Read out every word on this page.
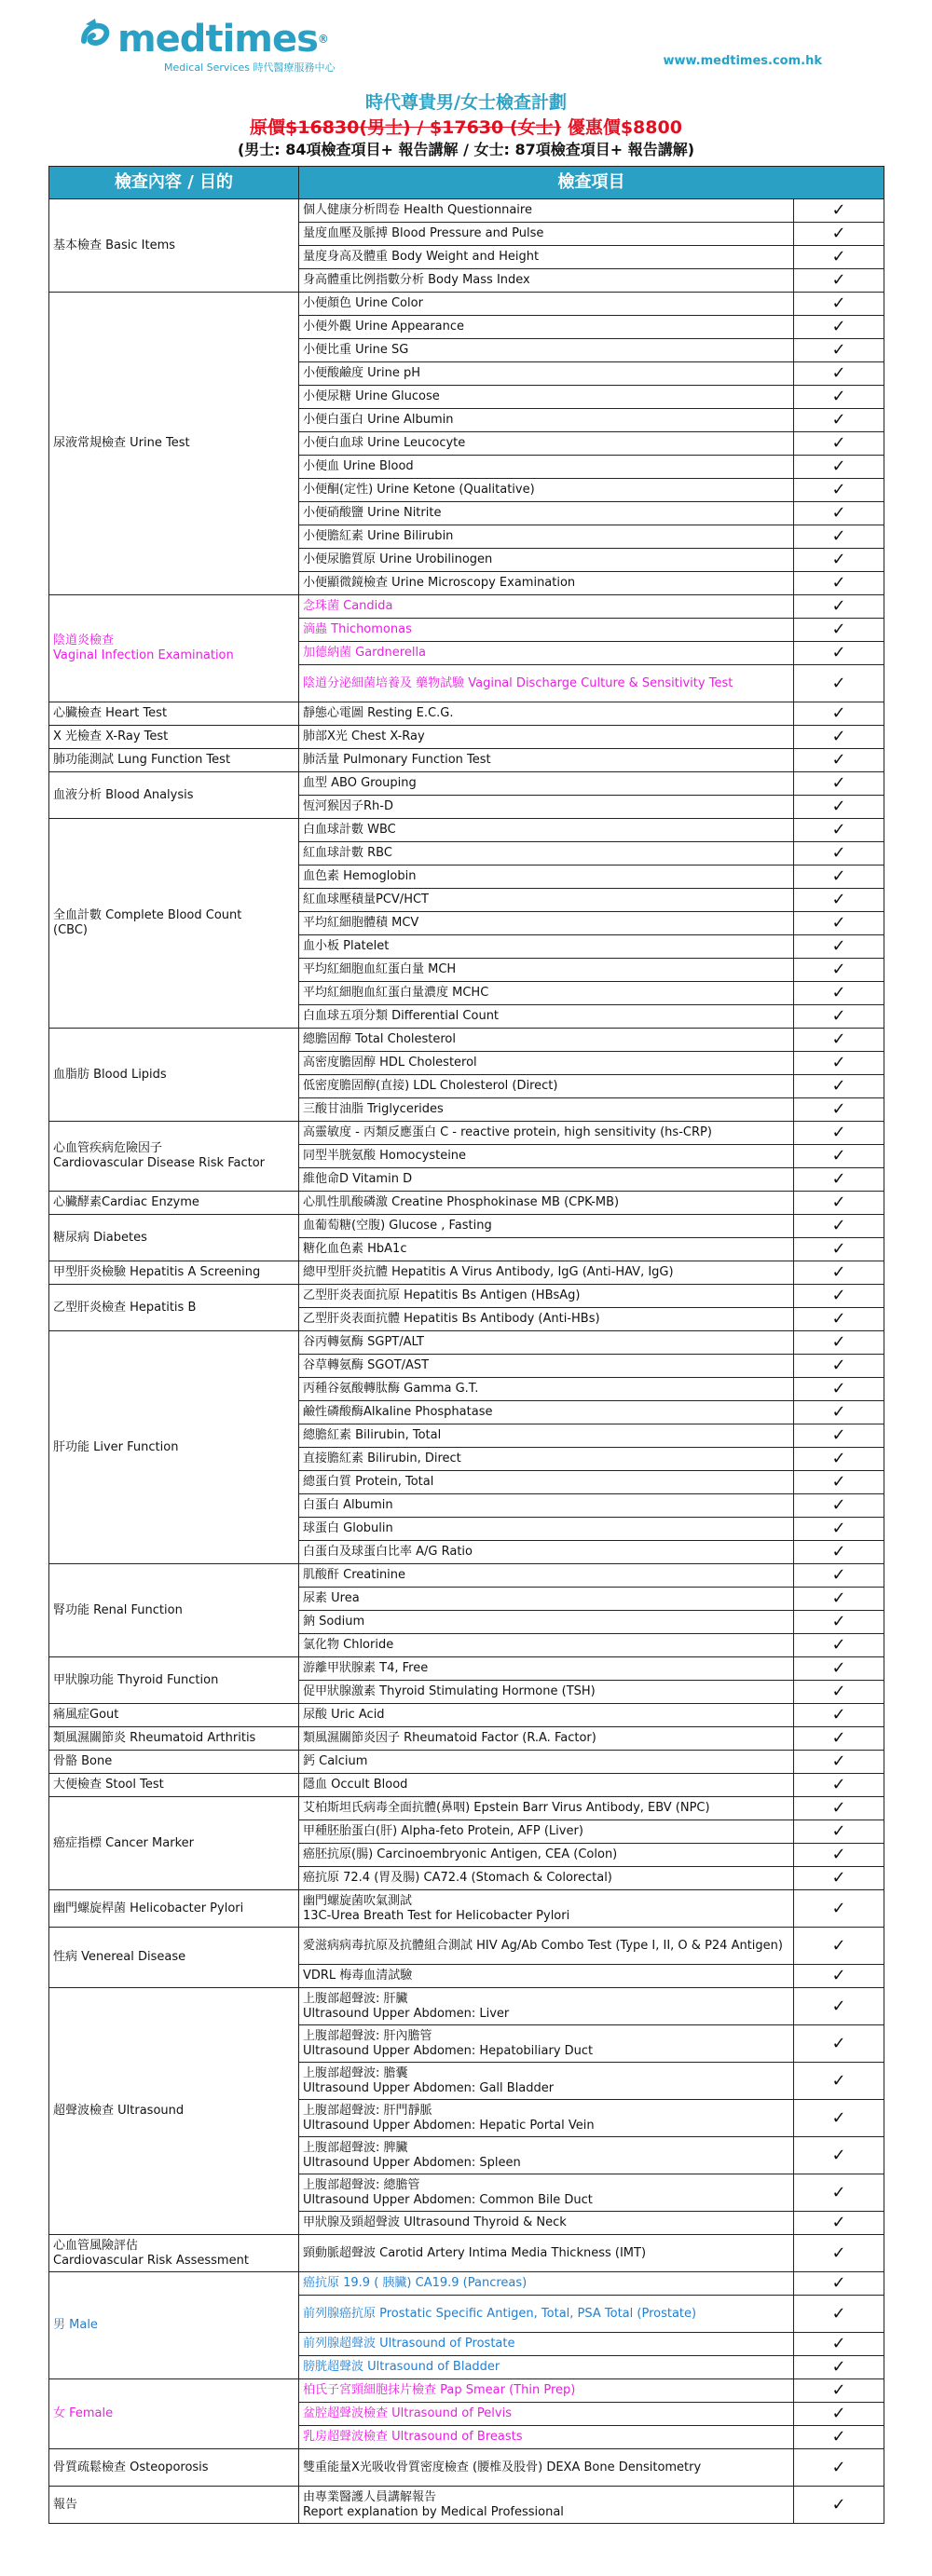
medtimes®
Medical Services 時代醫療服務中心	www.medtimes.com.hk
時代尊貴男/女士檢查計劃
原價$16830(男士) / $17630 (女士) 優惠價$8800
(男士: 84項檢查項目+ 報告講解 / 女士: 87項檢查項目+ 報告講解)
檢查內容 / 目的	檢查項目	
基本檢查 Basic Items	個人健康分析問卷 Health Questionnaire	✓
	量度血壓及脈搏 Blood Pressure and Pulse	✓
	量度身高及體重 Body Weight and Height	✓
	身高體重比例指數分析 Body Mass Index	✓
尿液常規檢查 Urine Test	小便顏色 Urine Color	✓
	小便外觀 Urine Appearance	✓
	小便比重 Urine SG	✓
	小便酸鹼度 Urine pH	✓
	小便尿糖 Urine Glucose	✓
	小便白蛋白 Urine Albumin	✓
	小便白血球 Urine Leucocyte	✓
	小便血 Urine Blood	✓
	小便酮(定性) Urine Ketone (Qualitative)	✓
	小便硝酸鹽 Urine Nitrite	✓
	小便膽紅素 Urine Bilirubin	✓
	小便尿膽質原 Urine Urobilinogen	✓
	小便顯微鏡檢查 Urine Microscopy Examination	✓
陰道炎檢查
Vaginal Infection Examination	念珠菌 Candida	✓
	滴蟲 Thichomonas	✓
	加德納菌 Gardnerella	✓
	陰道分泌細菌培養及 藥物試驗 Vaginal Discharge Culture & Sensitivity Test	✓
心臟檢查 Heart Test	靜態心電圖 Resting E.C.G.	✓
X 光檢查 X-Ray Test	肺部X光 Chest X-Ray	✓
肺功能測試 Lung Function Test	肺活量 Pulmonary Function Test	✓
血液分析 Blood Analysis	血型 ABO Grouping	✓
	恆河猴因子Rh-D	✓
全血計數 Complete Blood Count
(CBC)	白血球計數 WBC	✓
	紅血球計數 RBC	✓
	血色素 Hemoglobin	✓
	紅血球壓積量PCV/HCT	✓
	平均紅細胞體積 MCV	✓
	血小板 Platelet	✓
	平均紅細胞血紅蛋白量 MCH	✓
	平均紅細胞血紅蛋白量濃度 MCHC	✓
	白血球五項分類 Differential Count	✓
血脂肪 Blood Lipids	總膽固醇 Total Cholesterol	✓
	高密度膽固醇 HDL Cholesterol	✓
	低密度膽固醇(直接) LDL Cholesterol (Direct)	✓
	三酸甘油脂 Triglycerides	✓
心血管疾病危險因子
Cardiovascular Disease Risk Factor	高靈敏度 - 丙類反應蛋白 C - reactive protein, high sensitivity (hs-CRP)	✓
	同型半胱氨酸 Homocysteine	✓
	維他命D Vitamin D	✓
心臟酵素Cardiac Enzyme	心肌性肌酸磷激 Creatine Phosphokinase MB (CPK-MB)	✓
糖尿病 Diabetes	血葡萄糖(空腹) Glucose , Fasting	✓
	糖化血色素 HbA1c	✓
甲型肝炎檢驗 Hepatitis A Screening	總甲型肝炎抗體 Hepatitis A Virus Antibody, IgG (Anti-HAV, IgG)	✓
乙型肝炎檢查 Hepatitis B	乙型肝炎表面抗原 Hepatitis Bs Antigen (HBsAg)	✓
	乙型肝炎表面抗體 Hepatitis Bs Antibody (Anti-HBs)	✓
肝功能 Liver Function	谷丙轉氨酶 SGPT/ALT	✓
	谷草轉氨酶 SGOT/AST	✓
	丙種谷氨酸轉肽酶 Gamma G.T.	✓
	鹼性磷酸酶Alkaline Phosphatase	✓
	總膽紅素 Bilirubin, Total	✓
	直接膽紅素 Bilirubin, Direct	✓
	總蛋白質 Protein, Total	✓
	白蛋白 Albumin	✓
	球蛋白 Globulin	✓
	白蛋白及球蛋白比率 A/G Ratio	✓
腎功能 Renal Function	肌酸酐 Creatinine	✓
	尿素 Urea	✓
	鈉 Sodium	✓
	氯化物 Chloride	✓
甲狀腺功能 Thyroid Function	游離甲狀腺素 T4, Free	✓
	促甲狀腺激素 Thyroid Stimulating Hormone (TSH)	✓
痛風症Gout	尿酸 Uric Acid	✓
類風濕關節炎 Rheumatoid Arthritis	類風濕關節炎因子 Rheumatoid Factor (R.A. Factor)	✓
骨骼 Bone	鈣 Calcium	✓
大便檢查 Stool Test	隱血 Occult Blood	✓
癌症指標 Cancer Marker	艾柏斯坦氏病毒全面抗體(鼻咽) Epstein Barr Virus Antibody, EBV (NPC)	✓
	甲種胚胎蛋白(肝) Alpha-feto Protein, AFP (Liver)	✓
	癌胚抗原(腸) Carcinoembryonic Antigen, CEA (Colon)	✓
	癌抗原 72.4 (胃及腸) CA72.4 (Stomach & Colorectal)	✓
幽門螺旋桿菌 Helicobacter Pylori	幽門螺旋菌吹氣測試
13C-Urea Breath Test for Helicobacter Pylori	✓
性病 Venereal Disease	愛滋病病毒抗原及抗體組合測試 HIV Ag/Ab Combo Test (Type I, II, O & P24 Antigen)	✓
	VDRL 梅毒血清試驗	✓
超聲波檢查 Ultrasound	上腹部超聲波: 肝臟
Ultrasound Upper Abdomen: Liver	✓
	上腹部超聲波: 肝內膽管
Ultrasound Upper Abdomen: Hepatobiliary Duct	✓
	上腹部超聲波: 膽囊
Ultrasound Upper Abdomen: Gall Bladder	✓
	上腹部超聲波: 肝門靜脈
Ultrasound Upper Abdomen: Hepatic Portal Vein	✓
	上腹部超聲波: 脾臟
Ultrasound Upper Abdomen: Spleen	✓
	上腹部超聲波: 總膽管
Ultrasound Upper Abdomen: Common Bile Duct	✓
	甲狀腺及頸超聲波 Ultrasound Thyroid & Neck	✓
心血管風險評估
Cardiovascular Risk Assessment	頸動脈超聲波 Carotid Artery Intima Media Thickness (IMT)	✓
男 Male	癌抗原 19.9 ( 胰臟) CA19.9 (Pancreas)	✓
	前列腺癌抗原 Prostatic Specific Antigen, Total, PSA Total (Prostate)	✓
	前列腺超聲波 Ultrasound of Prostate	✓
	膀胱超聲波 Ultrasound of Bladder	✓
女 Female	柏氏子宮頸細胞抹片檢查 Pap Smear (Thin Prep)	✓
	盆腔超聲波檢查 Ultrasound of Pelvis	✓
	乳房超聲波檢查 Ultrasound of Breasts	✓
骨質疏鬆檢查 Osteoporosis	雙重能量X光吸收骨質密度檢查 (腰椎及股骨) DEXA Bone Densitometry	✓
報告	由專業醫護人員講解報告
Report explanation by Medical Professional	✓
